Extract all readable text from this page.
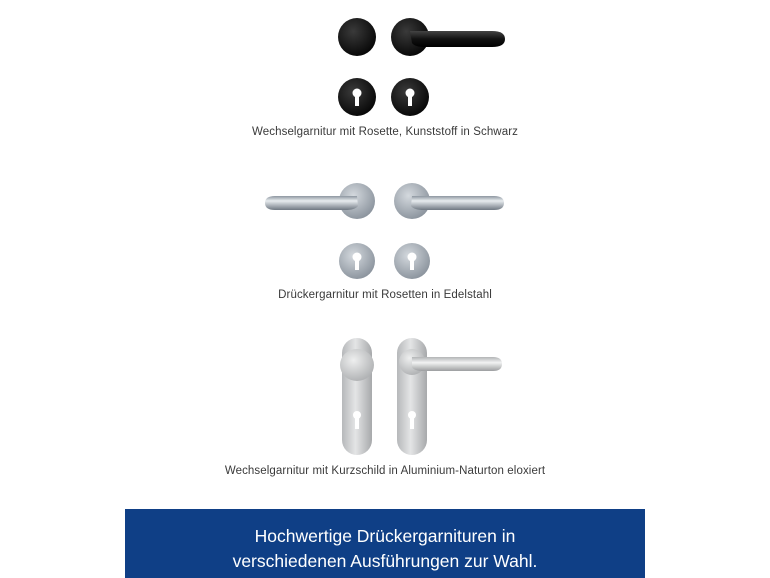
Wechselgarnitur mit Rosette, Kunststoff in Schwarz
Drückergarnitur mit Rosetten in Edelstahl
Wechselgarnitur mit Kurzschild in Aluminium-Naturton eloxiert
Hochwertige Drückergarnituren in
verschiedenen Ausführungen zur Wahl.
